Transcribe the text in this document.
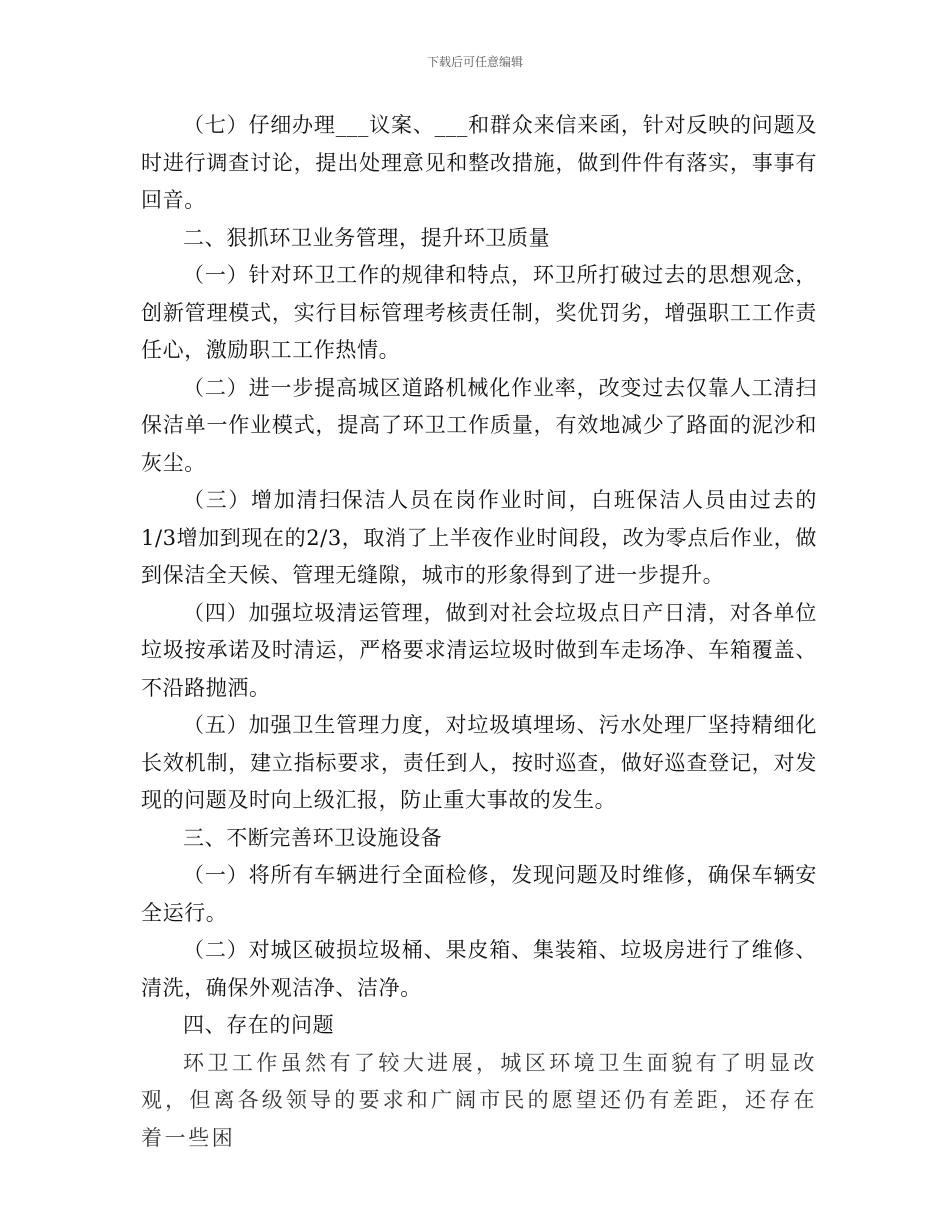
下载后可任意编辑

（七）仔细办理___议案、___和群众来信来函，针对反映的问题及时进行调查讨论，提出处理意见和整改措施，做到件件有落实，事事有回音。

二、狠抓环卫业务管理，提升环卫质量

（一）针对环卫工作的规律和特点，环卫所打破过去的思想观念，创新管理模式，实行目标管理考核责任制，奖优罚劣，增强职工工作责任心，激励职工工作热情。

（二）进一步提高城区道路机械化作业率，改变过去仅靠人工清扫保洁单一作业模式，提高了环卫工作质量，有效地减少了路面的泥沙和灰尘。

（三）增加清扫保洁人员在岗作业时间，白班保洁人员由过去的1/3增加到现在的2/3，取消了上半夜作业时间段，改为零点后作业，做到保洁全天候、管理无缝隙，城市的形象得到了进一步提升。

（四）加强垃圾清运管理，做到对社会垃圾点日产日清，对各单位垃圾按承诺及时清运，严格要求清运垃圾时做到车走场净、车箱覆盖、不沿路抛洒。

（五）加强卫生管理力度，对垃圾填埋场、污水处理厂坚持精细化长效机制，建立指标要求，责任到人，按时巡查，做好巡查登记，对发现的问题及时向上级汇报，防止重大事故的发生。

三、不断完善环卫设施设备

（一）将所有车辆进行全面检修，发现问题及时维修，确保车辆安全运行。

（二）对城区破损垃圾桶、果皮箱、集装箱、垃圾房进行了维修、清洗，确保外观洁净、洁净。

四、存在的问题

环卫工作虽然有了较大进展，城区环境卫生面貌有了明显改观，但离各级领导的要求和广阔市民的愿望还仍有差距，还存在着一些困
